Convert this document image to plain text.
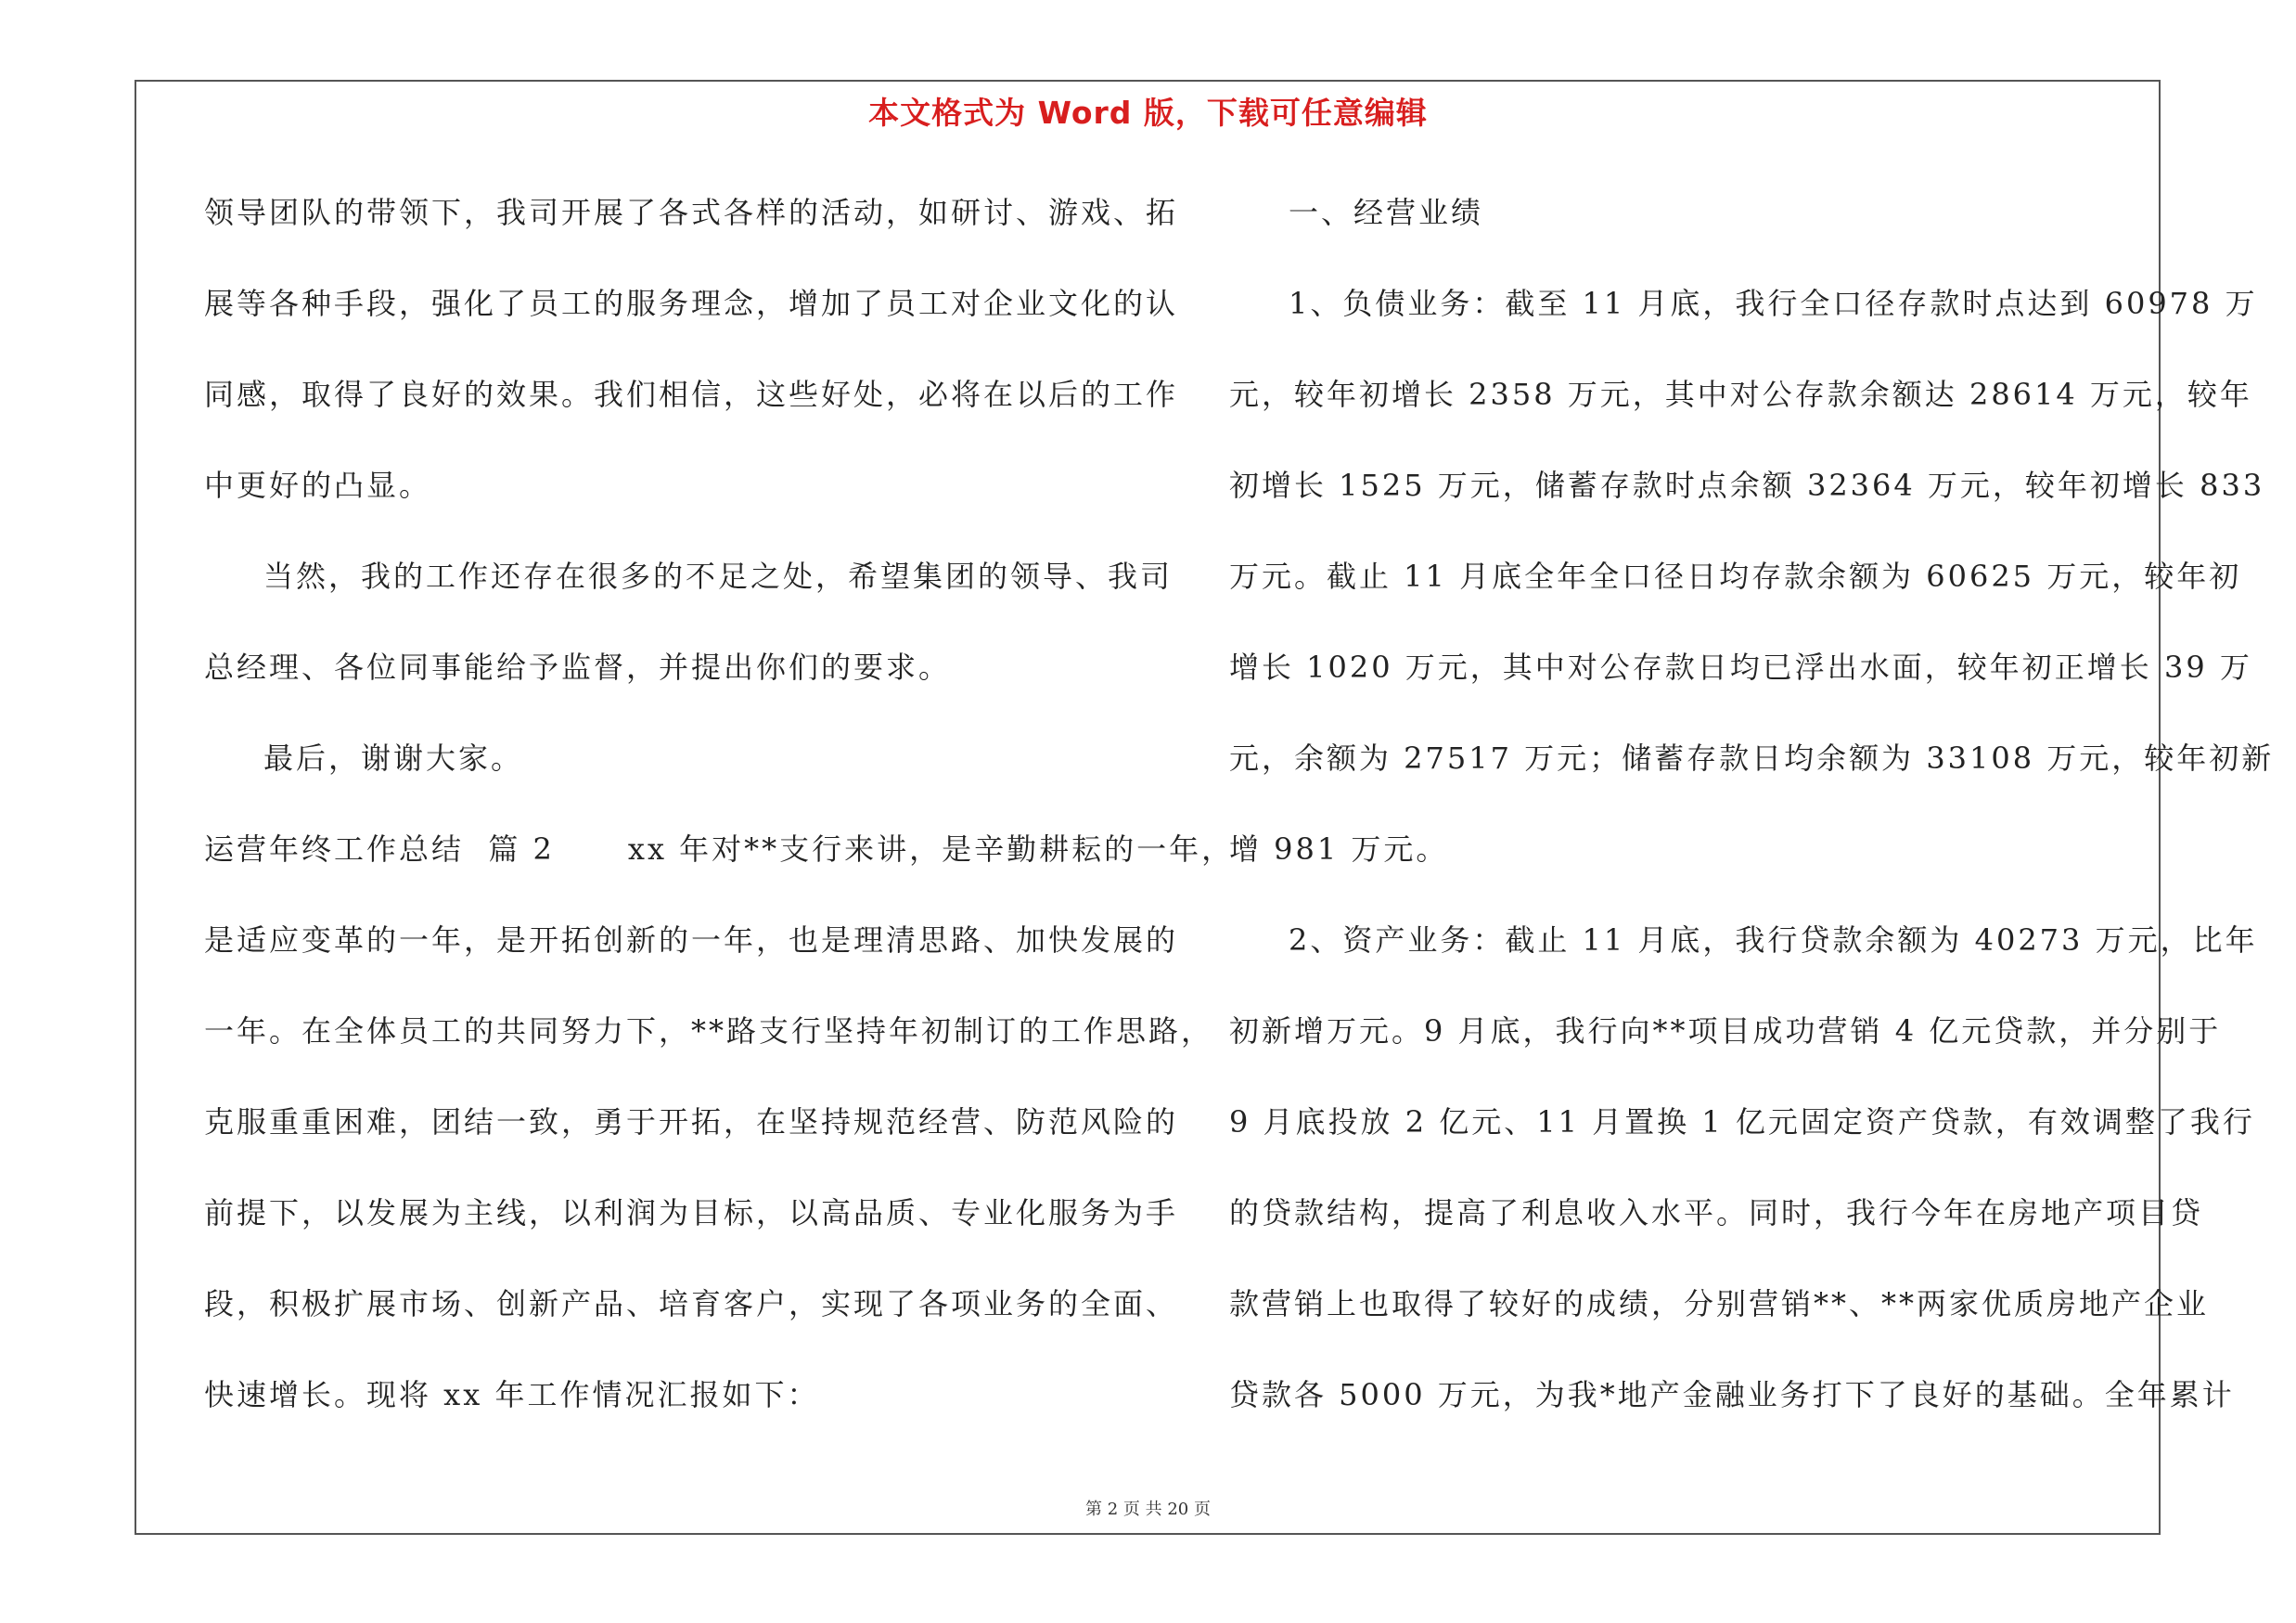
本文格式为 Word 版，下载可任意编辑
领导团队的带领下，我司开展了各式各样的活动，如研讨、游戏、拓
展等各种手段，强化了员工的服务理念，增加了员工对企业文化的认
同感，取得了良好的效果。我们相信，这些好处，必将在以后的工作
中更好的凸显。
当然，我的工作还存在很多的不足之处，希望集团的领导、我司
总经理、各位同事能给予监督，并提出你们的要求。
最后，谢谢大家。
运营年终工作总结  篇 2      xx 年对**支行来讲，是辛勤耕耘的一年，
是适应变革的一年，是开拓创新的一年，也是理清思路、加快发展的
一年。在全体员工的共同努力下，**路支行坚持年初制订的工作思路，
克服重重困难，团结一致，勇于开拓，在坚持规范经营、防范风险的
前提下，以发展为主线，以利润为目标，以高品质、专业化服务为手
段，积极扩展市场、创新产品、培育客户，实现了各项业务的全面、
快速增长。现将 xx 年工作情况汇报如下：
一、经营业绩
1、负债业务：截至 11 月底，我行全口径存款时点达到 60978 万
元，较年初增长 2358 万元，其中对公存款余额达 28614 万元，较年
初增长 1525 万元，储蓄存款时点余额 32364 万元，较年初增长 833
万元。截止 11 月底全年全口径日均存款余额为 60625 万元，较年初
增长 1020 万元，其中对公存款日均已浮出水面，较年初正增长 39 万
元，余额为 27517 万元；储蓄存款日均余额为 33108 万元，较年初新
增 981 万元。
2、资产业务：截止 11 月底，我行贷款余额为 40273 万元，比年
初新增万元。9 月底，我行向**项目成功营销 4 亿元贷款，并分别于
9 月底投放 2 亿元、11 月置换 1 亿元固定资产贷款，有效调整了我行
的贷款结构，提高了利息收入水平。同时，我行今年在房地产项目贷
款营销上也取得了较好的成绩，分别营销**、**两家优质房地产企业
贷款各 5000 万元，为我*地产金融业务打下了良好的基础。全年累计
第 2 页 共 20 页
